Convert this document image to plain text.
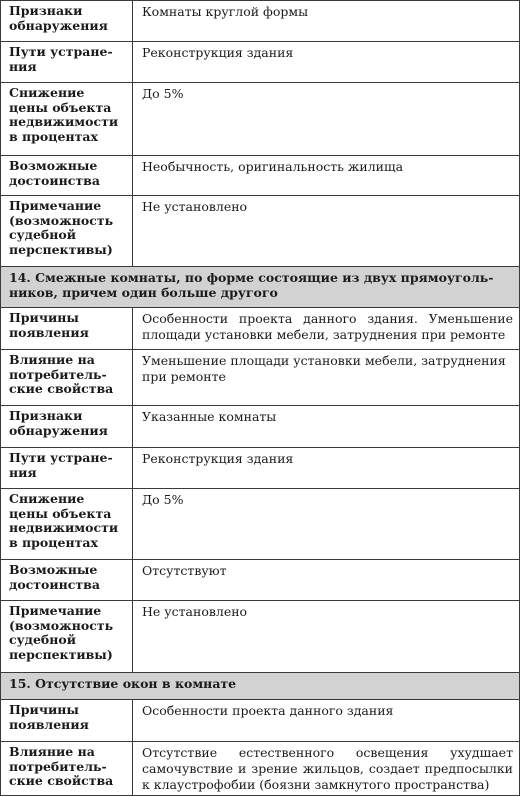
Признаки
обнаружения	Комнаты круглой формы
Пути устране-
ния	Реконструкция здания
Снижение
цены объекта
недвижимости
в процентах	До 5%
Возможные
достоинства	Необычность, оригинальность жилища
Примечание
(возможность
судебной
перспективы)	Не установлено
14. Смежные комнаты, по форме состоящие из двух прямоуголь-
ников, причем один больше другого	
Причины
появления	Особенности проекта данного здания. Уменьшение площади установки мебели, затруднения при ремонте
Влияние на
потребитель-
ские свойства	Уменьшение площади установки мебели, затруднения при ремонте
Признаки
обнаружения	Указанные комнаты
Пути устране-
ния	Реконструкция здания
Снижение
цены объекта
недвижимости
в процентах	До 5%
Возможные
достоинства	Отсутствуют
Примечание
(возможность
судебной
перспективы)	Не установлено
15. Отсутствие окон в комнате	
Причины
появления	Особенности проекта данного здания
Влияние на
потребитель-
ские свойства	Отсутствие естественного освещения ухудшает самочувствие и зрение жильцов, создает предпосылки к клаустрофобии (боязни замкнутого пространства)
